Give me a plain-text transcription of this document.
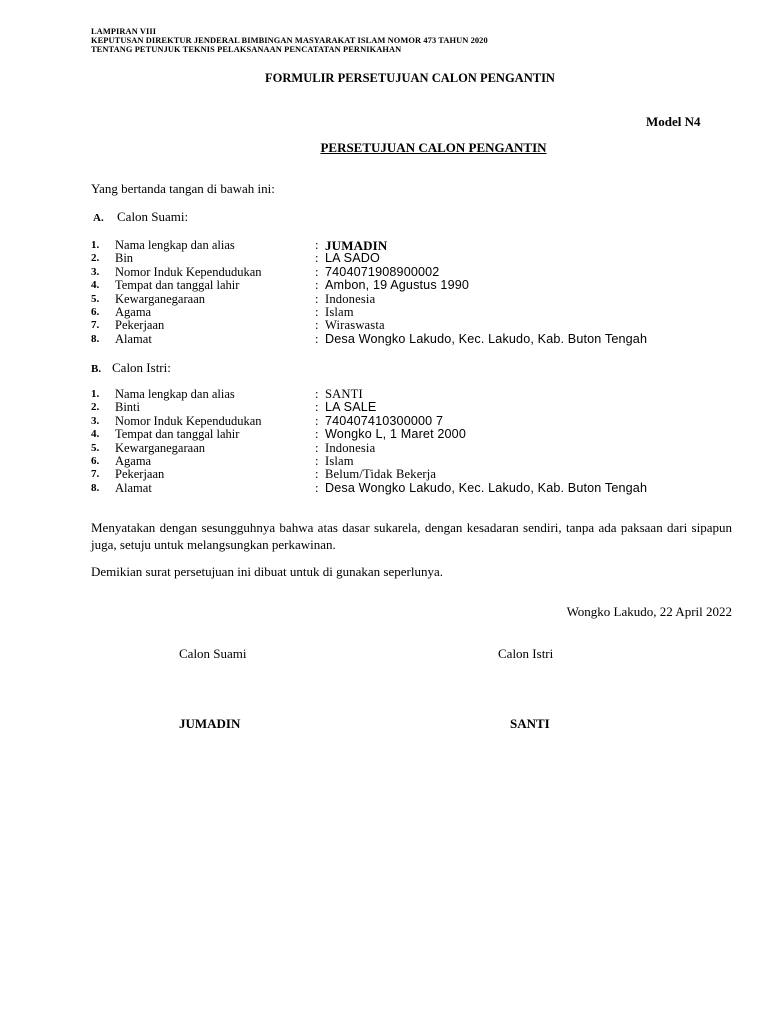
LAMPIRAN VIII
KEPUTUSAN DIREKTUR JENDERAL BIMBINGAN MASYARAKAT ISLAM NOMOR 473 TAHUN 2020
TENTANG PETUNJUK TEKNIS PELAKSANAAN PENCATATAN PERNIKAHAN
FORMULIR PERSETUJUAN CALON PENGANTIN
Model N4
PERSETUJUAN CALON PENGANTIN
Yang bertanda tangan di bawah ini:
A. Calon Suami:
1.	Nama lengkap dan alias	: JUMADIN
2.	Bin	: LA SADO
3.	Nomor Induk Kependudukan	: 7404071908900002
4.	Tempat dan tanggal lahir	: Ambon, 19 Agustus 1990
5.	Kewarganegaraan	: Indonesia
6.	Agama	: Islam
7.	Pekerjaan	: Wiraswasta
8.	Alamat	: Desa Wongko Lakudo, Kec. Lakudo, Kab. Buton Tengah
B. Calon Istri:
1.	Nama lengkap dan alias	: SANTI
2.	Binti	: LA SALE
3.	Nomor Induk Kependudukan	: 740407410300000 7
4.	Tempat dan tanggal lahir	: Wongko L, 1 Maret 2000
5.	Kewarganegaraan	: Indonesia
6.	Agama	: Islam
7.	Pekerjaan	: Belum/Tidak Bekerja
8.	Alamat	: Desa Wongko Lakudo, Kec. Lakudo, Kab. Buton Tengah
Menyatakan dengan sesungguhnya bahwa atas dasar sukarela, dengan kesadaran sendiri, tanpa ada paksaan dari sipapun juga, setuju untuk melangsungkan perkawinan.
Demikian surat persetujuan ini dibuat untuk di gunakan seperlunya.
Wongko Lakudo, 22 April 2022
Calon Suami	Calon Istri
JUMADIN	SANTI
